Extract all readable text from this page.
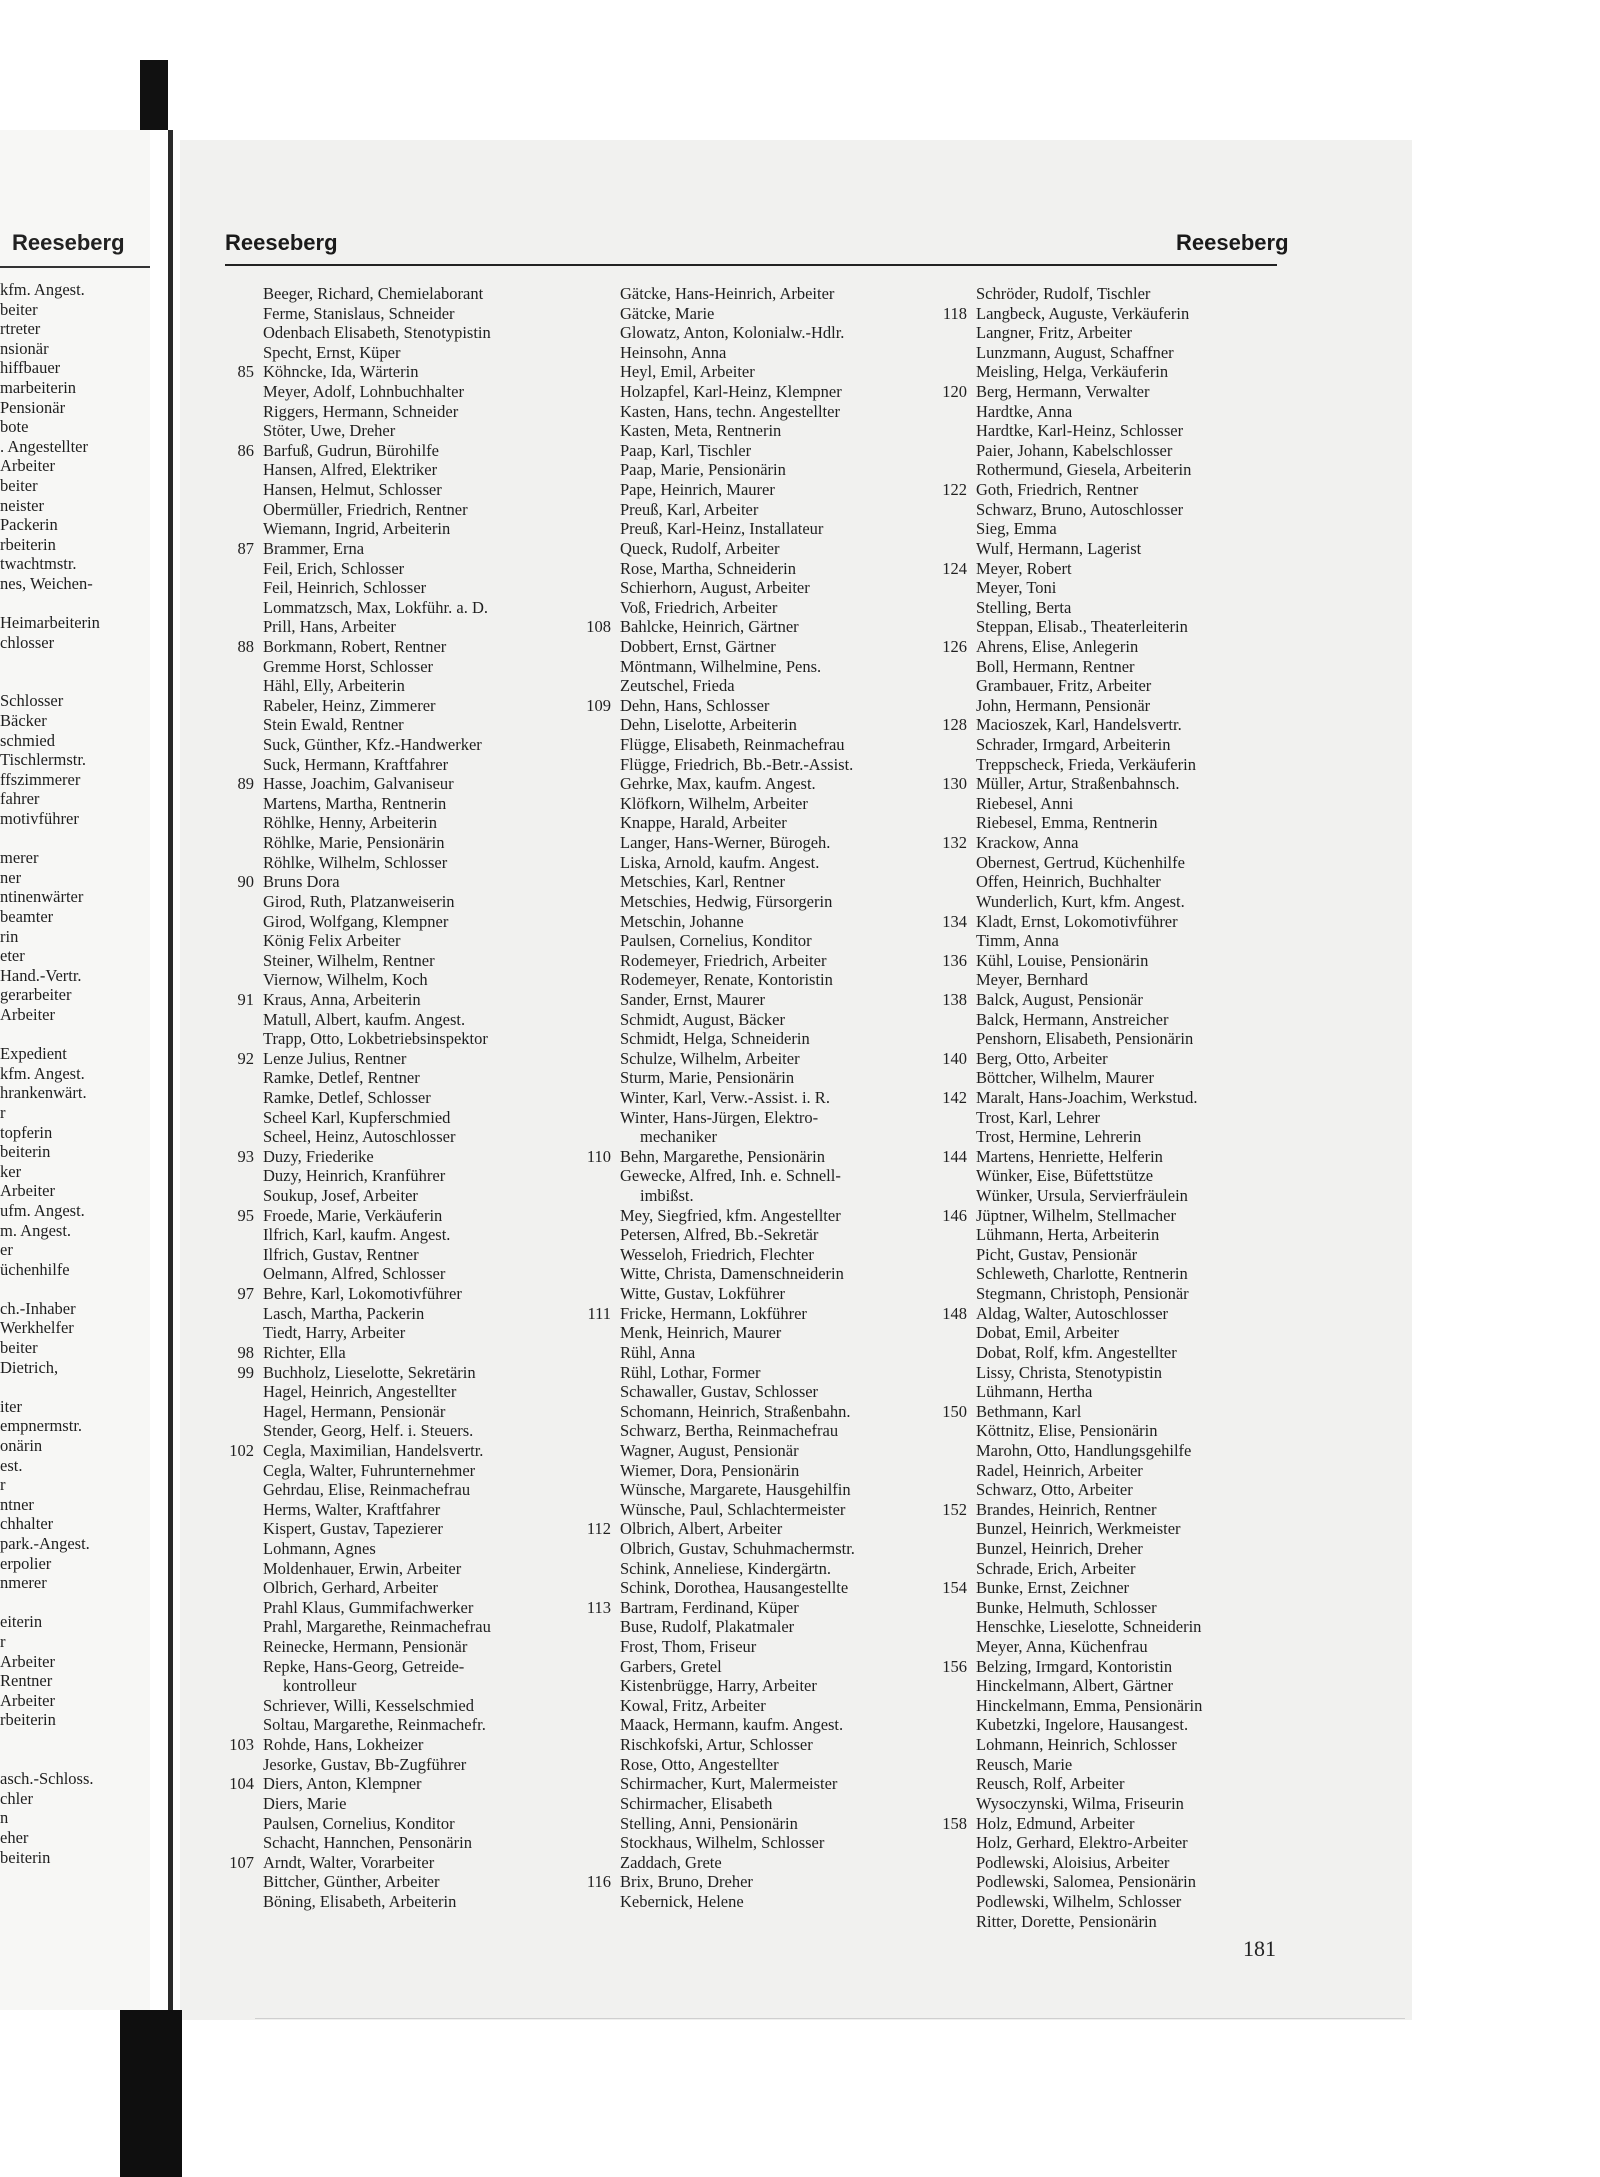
Reeseberg
kfm. Angest.
beiter
rtreter
nsionär
hiffbauer
marbeiterin
Pensionär
bote
. Angestellter
Arbeiter
beiter
neister
Packerin
rbeiterin
twachtmstr.
nes, Weichen-
Heimarbeiterin
chlosser
Schlosser
Bäcker
schmied
Tischlermstr.
ffszimmerer
fahrer
motivführer
merer
ner
ntinenwärter
beamter
rin
eter
Hand.-Vertr.
gerarbeiter
Arbeiter
Expedient
kfm. Angest.
hrankenwärt.
r
topferin
beiterin
ker
Arbeiter
ufm. Angest.
m. Angest.
er
üchenhilfe
ch.-Inhaber
Werkhelfer
beiter
Dietrich,
iter
empnermstr.
onärin
est.
r
ntner
chhalter
park.-Angest.
erpolier
nmerer
eiterin
r
Arbeiter
Rentner
Arbeiter
rbeiterin
asch.-Schloss.
chler
n
eher
beiterin
Reeseberg	Reeseberg
Beeger, Richard, Chemielaborant
Ferme, Stanislaus, Schneider
Odenbach Elisabeth, Stenotypistin
Specht, Ernst, Küper
85 Köhncke, Ida, Wärterin
Meyer, Adolf, Lohnbuchhalter
Riggers, Hermann, Schneider
Stöter, Uwe, Dreher
86 Barfuß, Gudrun, Bürohilfe
Hansen, Alfred, Elektriker
Hansen, Helmut, Schlosser
Obermüller, Friedrich, Rentner
Wiemann, Ingrid, Arbeiterin
87 Brammer, Erna
Feil, Erich, Schlosser
Feil, Heinrich, Schlosser
Lommatzsch, Max, Lokführ. a. D.
Prill, Hans, Arbeiter
88 Borkmann, Robert, Rentner
Gremme Horst, Schlosser
Hähl, Elly, Arbeiterin
Rabeler, Heinz, Zimmerer
Stein Ewald, Rentner
Suck, Günther, Kfz.-Handwerker
Suck, Hermann, Kraftfahrer
89 Hasse, Joachim, Galvaniseur
Martens, Martha, Rentnerin
Röhlke, Henny, Arbeiterin
Röhlke, Marie, Pensionärin
Röhlke, Wilhelm, Schlosser
90 Bruns Dora
Girod, Ruth, Platzanweiserin
Girod, Wolfgang, Klempner
König Felix Arbeiter
Steiner, Wilhelm, Rentner
Viernow, Wilhelm, Koch
91 Kraus, Anna, Arbeiterin
Matull, Albert, kaufm. Angest.
Trapp, Otto, Lokbetriebsinspektor
92 Lenze Julius, Rentner
Ramke, Detlef, Rentner
Ramke, Detlef, Schlosser
Scheel Karl, Kupferschmied
Scheel, Heinz, Autoschlosser
93 Duzy, Friederike
Duzy, Heinrich, Kranführer
Soukup, Josef, Arbeiter
95 Froede, Marie, Verkäuferin
Ilfrich, Karl, kaufm. Angest.
Ilfrich, Gustav, Rentner
Oelmann, Alfred, Schlosser
97 Behre, Karl, Lokomotivführer
Lasch, Martha, Packerin
Tiedt, Harry, Arbeiter
98 Richter, Ella
99 Buchholz, Lieselotte, Sekretärin
Hagel, Heinrich, Angestellter
Hagel, Hermann, Pensionär
Stender, Georg, Helf. i. Steuers.
102 Cegla, Maximilian, Handelsvertr.
Cegla, Walter, Fuhrunternehmer
Gehrdau, Elise, Reinmachefrau
Herms, Walter, Kraftfahrer
Kispert, Gustav, Tapezierer
Lohmann, Agnes
Moldenhauer, Erwin, Arbeiter
Olbrich, Gerhard, Arbeiter
Prahl Klaus, Gummifachwerker
Prahl, Margarethe, Reinmachefrau
Reinecke, Hermann, Pensionär
Repke, Hans-Georg, Getreide-
kontrolleur
Schriever, Willi, Kesselschmied
Soltau, Margarethe, Reinmachefr.
103 Rohde, Hans, Lokheizer
Jesorke, Gustav, Bb-Zugführer
104 Diers, Anton, Klempner
Diers, Marie
Paulsen, Cornelius, Konditor
Schacht, Hannchen, Pensonärin
107 Arndt, Walter, Vorarbeiter
Bittcher, Günther, Arbeiter
Böning, Elisabeth, Arbeiterin
Gätcke, Hans-Heinrich, Arbeiter
Gätcke, Marie
Glowatz, Anton, Kolonialw.-Hdlr.
Heinsohn, Anna
Heyl, Emil, Arbeiter
Holzapfel, Karl-Heinz, Klempner
Kasten, Hans, techn. Angestellter
Kasten, Meta, Rentnerin
Paap, Karl, Tischler
Paap, Marie, Pensionärin
Pape, Heinrich, Maurer
Preuß, Karl, Arbeiter
Preuß, Karl-Heinz, Installateur
Queck, Rudolf, Arbeiter
Rose, Martha, Schneiderin
Schierhorn, August, Arbeiter
Voß, Friedrich, Arbeiter
108 Bahlcke, Heinrich, Gärtner
Dobbert, Ernst, Gärtner
Möntmann, Wilhelmine, Pens.
Zeutschel, Frieda
109 Dehn, Hans, Schlosser
Dehn, Liselotte, Arbeiterin
Flügge, Elisabeth, Reinmachefrau
Flügge, Friedrich, Bb.-Betr.-Assist.
Gehrke, Max, kaufm. Angest.
Klöfkorn, Wilhelm, Arbeiter
Knappe, Harald, Arbeiter
Langer, Hans-Werner, Bürogeh.
Liska, Arnold, kaufm. Angest.
Metschies, Karl, Rentner
Metschies, Hedwig, Fürsorgerin
Metschin, Johanne
Paulsen, Cornelius, Konditor
Rodemeyer, Friedrich, Arbeiter
Rodemeyer, Renate, Kontoristin
Sander, Ernst, Maurer
Schmidt, August, Bäcker
Schmidt, Helga, Schneiderin
Schulze, Wilhelm, Arbeiter
Sturm, Marie, Pensionärin
Winter, Karl, Verw.-Assist. i. R.
Winter, Hans-Jürgen, Elektro-
mechaniker
110 Behn, Margarethe, Pensionärin
Gewecke, Alfred, Inh. e. Schnell-
imbißst.
Mey, Siegfried, kfm. Angestellter
Petersen, Alfred, Bb.-Sekretär
Wesseloh, Friedrich, Flechter
Witte, Christa, Damenschneiderin
Witte, Gustav, Lokführer
111 Fricke, Hermann, Lokführer
Menk, Heinrich, Maurer
Rühl, Anna
Rühl, Lothar, Former
Schawaller, Gustav, Schlosser
Schomann, Heinrich, Straßenbahn.
Schwarz, Bertha, Reinmachefrau
Wagner, August, Pensionär
Wiemer, Dora, Pensionärin
Wünsche, Margarete, Hausgehilfin
Wünsche, Paul, Schlachtermeister
112 Olbrich, Albert, Arbeiter
Olbrich, Gustav, Schuhmachermstr.
Schink, Anneliese, Kindergärtn.
Schink, Dorothea, Hausangestellte
113 Bartram, Ferdinand, Küper
Buse, Rudolf, Plakatmaler
Frost, Thom, Friseur
Garbers, Gretel
Kistenbrügge, Harry, Arbeiter
Kowal, Fritz, Arbeiter
Maack, Hermann, kaufm. Angest.
Rischkofski, Artur, Schlosser
Rose, Otto, Angestellter
Schirmacher, Kurt, Malermeister
Schirmacher, Elisabeth
Stelling, Anni, Pensionärin
Stockhaus, Wilhelm, Schlosser
Zaddach, Grete
116 Brix, Bruno, Dreher
Kebernick, Helene
Schröder, Rudolf, Tischler
118 Langbeck, Auguste, Verkäuferin
Langner, Fritz, Arbeiter
Lunzmann, August, Schaffner
Meisling, Helga, Verkäuferin
120 Berg, Hermann, Verwalter
Hardtke, Anna
Hardtke, Karl-Heinz, Schlosser
Paier, Johann, Kabelschlosser
Rothermund, Giesela, Arbeiterin
122 Goth, Friedrich, Rentner
Schwarz, Bruno, Autoschlosser
Sieg, Emma
Wulf, Hermann, Lagerist
124 Meyer, Robert
Meyer, Toni
Stelling, Berta
Steppan, Elisab., Theaterleiterin
126 Ahrens, Elise, Anlegerin
Boll, Hermann, Rentner
Grambauer, Fritz, Arbeiter
John, Hermann, Pensionär
128 Macioszek, Karl, Handelsvertr.
Schrader, Irmgard, Arbeiterin
Treppscheck, Frieda, Verkäuferin
130 Müller, Artur, Straßenbahnsch.
Riebesel, Anni
Riebesel, Emma, Rentnerin
132 Krackow, Anna
Obernest, Gertrud, Küchenhilfe
Offen, Heinrich, Buchhalter
Wunderlich, Kurt, kfm. Angest.
134 Kladt, Ernst, Lokomotivführer
Timm, Anna
136 Kühl, Louise, Pensionärin
Meyer, Bernhard
138 Balck, August, Pensionär
Balck, Hermann, Anstreicher
Penshorn, Elisabeth, Pensionärin
140 Berg, Otto, Arbeiter
Böttcher, Wilhelm, Maurer
142 Maralt, Hans-Joachim, Werkstud.
Trost, Karl, Lehrer
Trost, Hermine, Lehrerin
144 Martens, Henriette, Helferin
Wünker, Eise, Büfettstütze
Wünker, Ursula, Servierfräulein
146 Jüptner, Wilhelm, Stellmacher
Lühmann, Herta, Arbeiterin
Picht, Gustav, Pensionär
Schleweth, Charlotte, Rentnerin
Stegmann, Christoph, Pensionär
148 Aldag, Walter, Autoschlosser
Dobat, Emil, Arbeiter
Dobat, Rolf, kfm. Angestellter
Lissy, Christa, Stenotypistin
Lühmann, Hertha
150 Bethmann, Karl
Köttnitz, Elise, Pensionärin
Marohn, Otto, Handlungsgehilfe
Radel, Heinrich, Arbeiter
Schwarz, Otto, Arbeiter
152 Brandes, Heinrich, Rentner
Bunzel, Heinrich, Werkmeister
Bunzel, Heinrich, Dreher
Schrade, Erich, Arbeiter
154 Bunke, Ernst, Zeichner
Bunke, Helmuth, Schlosser
Henschke, Lieselotte, Schneiderin
Meyer, Anna, Küchenfrau
156 Belzing, Irmgard, Kontoristin
Hinckelmann, Albert, Gärtner
Hinckelmann, Emma, Pensionärin
Kubetzki, Ingelore, Hausangest.
Lohmann, Heinrich, Schlosser
Reusch, Marie
Reusch, Rolf, Arbeiter
Wysoczynski, Wilma, Friseurin
158 Holz, Edmund, Arbeiter
Holz, Gerhard, Elektro-Arbeiter
Podlewski, Aloisius, Arbeiter
Podlewski, Salomea, Pensionärin
Podlewski, Wilhelm, Schlosser
Ritter, Dorette, Pensionärin
181
